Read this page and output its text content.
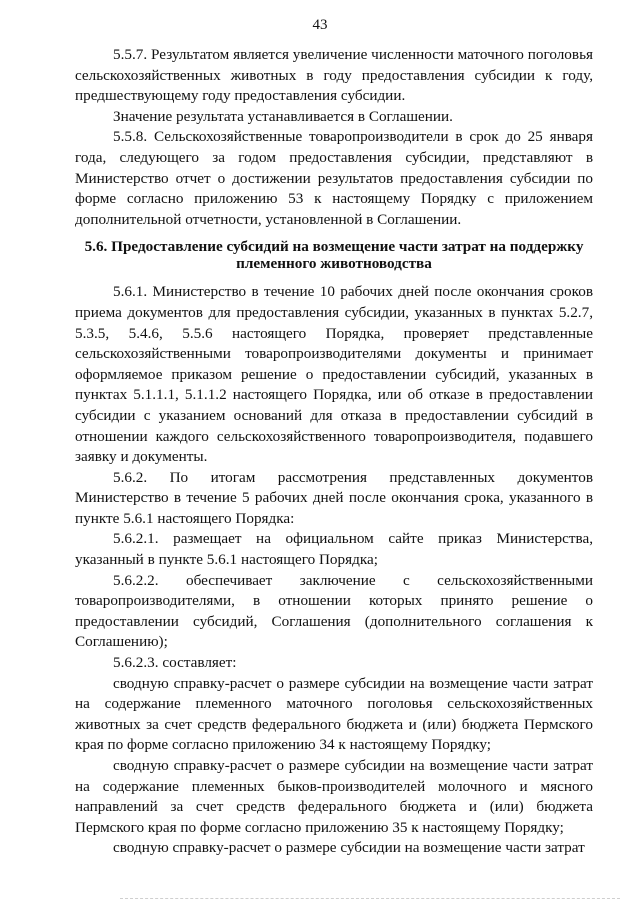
43

5.5.7. Результатом является увеличение численности маточного поголовья сельскохозяйственных животных в году предоставления субсидии к году, предшествующему году предоставления субсидии.

Значение результата устанавливается в Соглашении.

5.5.8. Сельскохозяйственные товаропроизводители в срок до 25 января года, следующего за годом предоставления субсидии, представляют в Министерство отчет о достижении результатов предоставления субсидии по форме согласно приложению 53 к настоящему Порядку с приложением дополнительной отчетности, установленной в Соглашении.

5.6. Предоставление субсидий на возмещение части затрат на поддержку племенного животноводства

5.6.1. Министерство в течение 10 рабочих дней после окончания сроков приема документов для предоставления субсидии, указанных в пунктах 5.2.7, 5.3.5, 5.4.6, 5.5.6 настоящего Порядка, проверяет представленные сельскохозяйственными товаропроизводителями документы и принимает оформляемое приказом решение о предоставлении субсидий, указанных в пунктах 5.1.1.1, 5.1.1.2 настоящего Порядка, или об отказе в предоставлении субсидии с указанием оснований для отказа в предоставлении субсидий в отношении каждого сельскохозяйственного товаропроизводителя, подавшего заявку и документы.

5.6.2. По итогам рассмотрения представленных документов Министерство в течение 5 рабочих дней после окончания срока, указанного в пункте 5.6.1 настоящего Порядка:

5.6.2.1. размещает на официальном сайте приказ Министерства, указанный в пункте 5.6.1 настоящего Порядка;

5.6.2.2. обеспечивает заключение с сельскохозяйственными товаропроизводителями, в отношении которых принято решение о предоставлении субсидий, Соглашения (дополнительного соглашения к Соглашению);

5.6.2.3. составляет:

сводную справку-расчет о размере субсидии на возмещение части затрат на содержание племенного маточного поголовья сельскохозяйственных животных за счет средств федерального бюджета и (или) бюджета Пермского края по форме согласно приложению 34 к настоящему Порядку;

сводную справку-расчет о размере субсидии на возмещение части затрат на содержание племенных быков-производителей молочного и мясного направлений за счет средств федерального бюджета и (или) бюджета Пермского края по форме согласно приложению 35 к настоящему Порядку;

сводную справку-расчет о размере субсидии на возмещение части затрат
